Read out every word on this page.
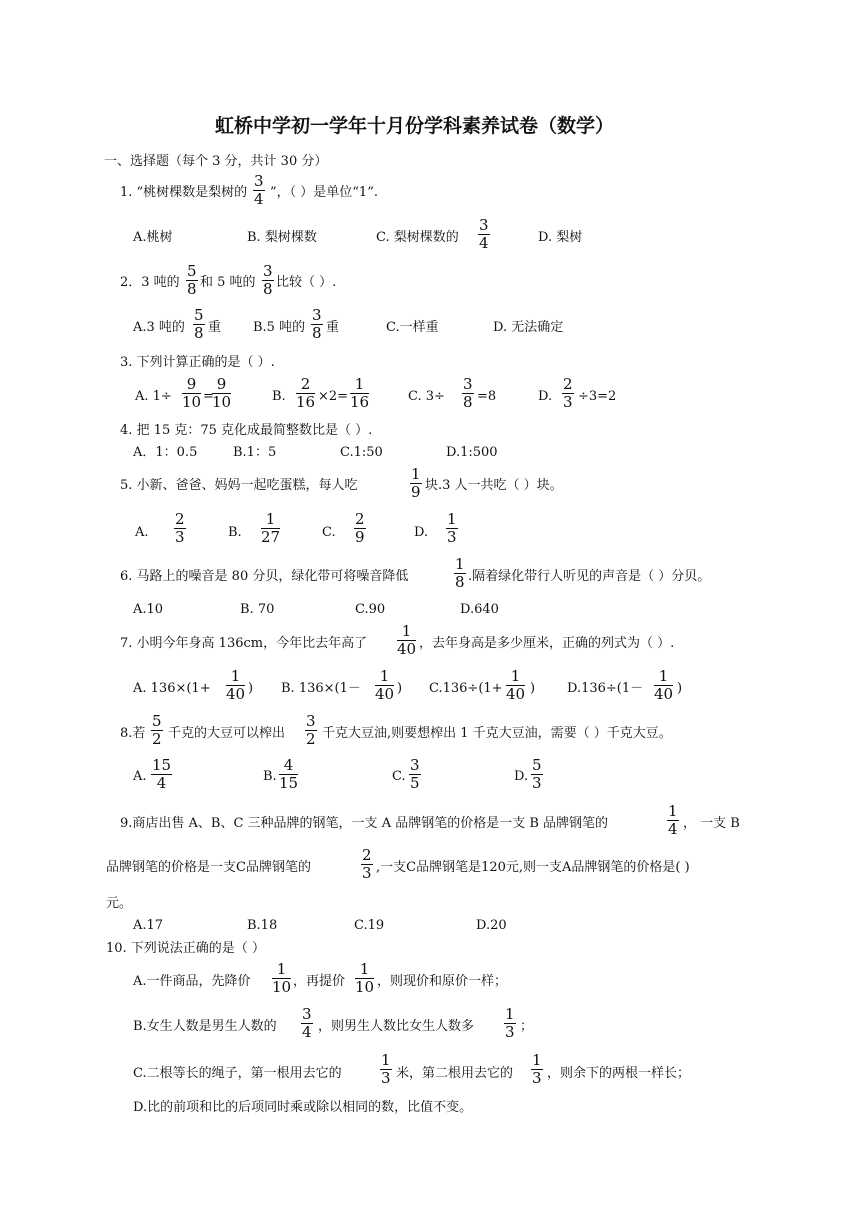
虹桥中学初一学年十月份学科素养试卷（数学）
一、选择题（每个 3 分，共计 30 分）
1. “桃树棵数是梨树的
3
4 ”，（ ）是单位“1”.
A.桃树	B. 梨树棵数	C. 梨树棵数的
3
4	D. 梨树
2．3 吨的
5
8 和 5 吨的
3
8 比较（ ）.
A.3 吨的
5
8 重 B.5 吨的
3
8 重	C.一样重	D. 无法确定
3. 下列计算正确的是（ ）.
A. 1÷
9
10 =
9
10	B.
2
16 ×2=
1
16	C. 3÷
3
8 =8	D.
2
3 ÷3=2
4. 把 15 克：75 克化成最简整数比是（ ）.
A．1：0.5	B.1：5	C.1:50	D.1:500
5. 小新、爸爸、妈妈一起吃蛋糕，每人吃
1
9 块.3 人一共吃（ ）块。
A.
2
3	B.
1
27	C.
2
9	D.
1
3
6. 马路上的噪音是 80 分贝，绿化带可将噪音降低
1
8 .隔着绿化带行人听见的声音是（ ）分贝。
A.10	B. 70	C.90	D.640
7. 小明今年身高 136cm，今年比去年高了
1
40 ，去年身高是多少厘米，正确的列式为（ ）.
A. 136×(1+
1
40 ) B. 136×(1－
1
40 ) C.136÷(1+
1
40 ) D.136÷(1－
1
40 )
8.若
5
2 千克的大豆可以榨出
3
2 千克大豆油,则要想榨出 1 千克大豆油，需要（ ）千克大豆。
A.
15
4	B.
4
15	C.
3
5	D.
5
3
9.商店出售 A、B、C 三种品牌的钢笔，一支 A 品牌钢笔的价格是一支 B 品牌钢笔的
1
4 ， 一支 B
品牌钢笔的价格是一支C品牌钢笔的
2
3 ,一支C品牌钢笔是120元,则一支A品牌钢笔的价格是( )
元。
A.17	B.18	C.19	D.20
10. 下列说法正确的是（ ）
A.一件商品，先降价
1
10 ，再提价
1
10 ，则现价和原价一样；
B.女生人数是男生人数的
3
4 ，则男生人数比女生人数多
1
3 ；
C.二根等长的绳子，第一根用去它的
1
3 米，第二根用去它的
1
3 ，则余下的两根一样长；
D.比的前项和比的后项同时乘或除以相同的数，比值不变。
